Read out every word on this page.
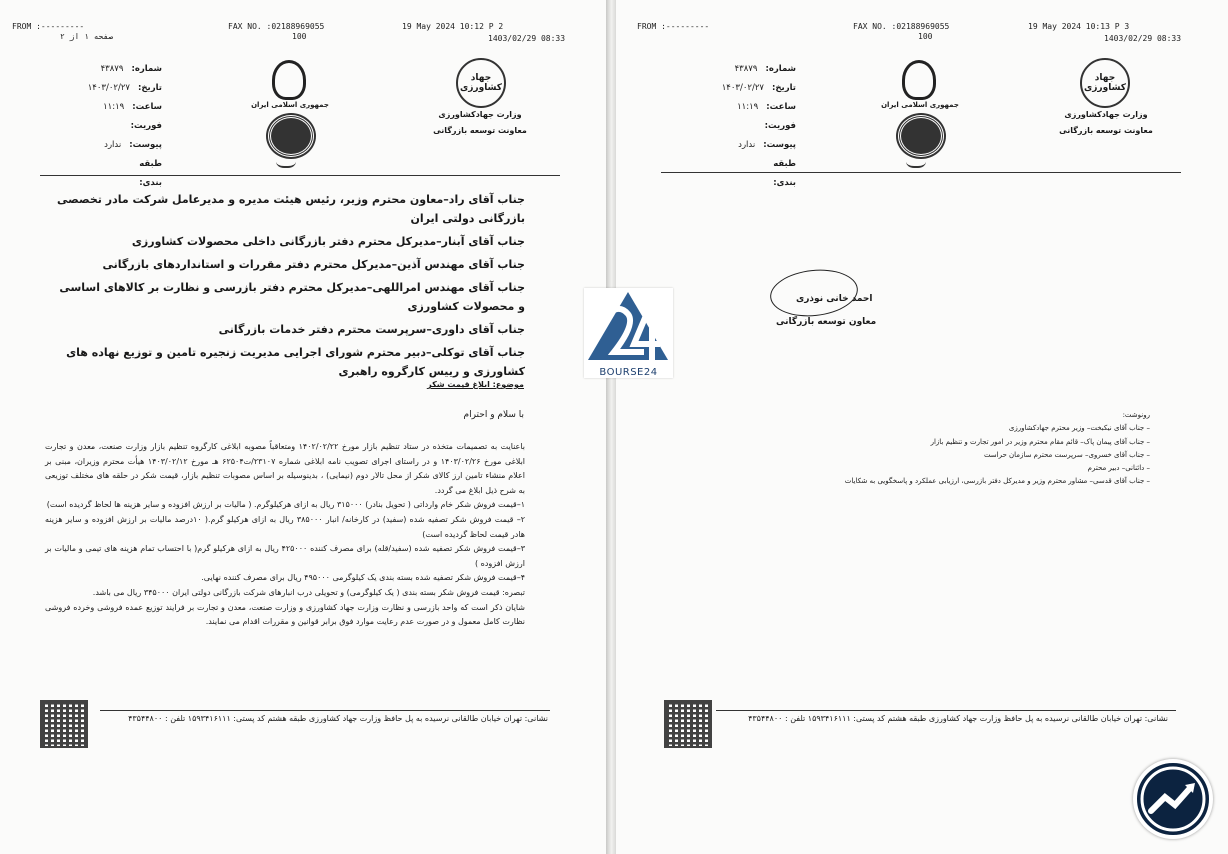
FROM :---------	FAX NO. :02188969055	19 May 2024 10:12 P 2
صفحه ۱ از ۲	100	1403/02/29 08:33
شماره:
۴۳۸۷۹
تاریخ:
۱۴۰۳/۰۲/۲۷
ساعت:
۱۱:۱۹
فوریت:
پیوست:
ندارد
طبقه بندی:
جمهوری اسلامی ایران
جهاد کشاورزی
وزارت جهادکشاورزی
معاونت توسعه بازرگانی

جناب آقای راد–معاون محترم وزیر، رئیس هیئت مدیره و مدیرعامل شرکت مادر تخصصی بازرگانی دولتی ایران

جناب آقای آبنار–مدیرکل محترم دفتر بازرگانی داخلی محصولات کشاورزی

جناب آقای مهندس آذین–مدیرکل محترم دفتر مقررات و استانداردهای بازرگانی

جناب آقای مهندس امراللهی–مدیرکل محترم دفتر بازرسی و نظارت بر کالاهای اساسی و محصولات کشاورزی

جناب آقای داوری–سرپرست محترم دفتر خدمات بازرگانی

جناب آقای توکلی–دبیر محترم شورای اجرایی مدیریت زنجیره تامین و توزیع نهاده های کشاورزی و رییس کارگروه راهبری

موضوع: ابلاغ قیمت شکر
با سلام و احترام

باعنایت به تصمیمات متخذه در ستاد تنظیم بازار مورخ ۱۴۰۲/۰۲/۲۲ ومتعاقباً مصوبه ابلاغی کارگروه تنظیم بازار وزارت صنعت، معدن و تجارت ابلاغی مورخ ۱۴۰۳/۰۲/۲۶ و در راستای اجرای تصویب نامه ابلاغی شماره ۲۳۱۰۷/ت۶۲۵۰۴ هـ مورخ ۱۴۰۳/۰۲/۱۲ هیأت محترم وزیران، مبنی بر اعلام منشاء تامین ارز کالای شکر از محل تالار دوم (نیمایی) ، بدینوسیله بر اساس مصوبات تنظیم بازار، قیمت شکر در حلقه های مختلف توزیعی به شرح ذیل ابلاغ می گردد.

۱–قیمت فروش شکر خام وارداتی ( تحویل بنادر) ۳۱۵۰۰۰ ریال به ازای هرکیلوگرم. ( مالیات بر ارزش افزوده و سایر هزینه ها لحاظ گردیده است)

۲– قیمت فروش شکر تصفیه شده (سفید) در کارخانه/ انبار ۳۸۵۰۰۰ ریال به ازای هرکیلو گرم.( ۱۰درصد مالیات بر ارزش افزوده و سایر هزینه هادر قیمت لحاظ گردیده است)

۳–قیمت فروش شکر تصفیه شده (سفید/قله) برای مصرف کننده ۴۲۵۰۰۰ ریال به ازای هرکیلو گرم( با احتساب تمام هزینه های تیمی و مالیات بر ارزش افزوده )

۴–قیمت فروش شکر تصفیه شده بسته بندی یک کیلوگرمی ۴۹۵۰۰۰ ریال برای مصرف کننده نهایی.

تبصره: قیمت فروش شکر بسته بندی ( یک کیلوگرمی) و تحویلی درب انبارهای شرکت بازرگانی دولتی ایران ۳۴۵۰۰۰ ریال می باشد.

شایان ذکر است که واحد بازرسی و نظارت وزارت جهاد کشاورزی و وزارت صنعت، معدن و تجارت بر فرایند توزیع عمده فروشی وخرده فروشی نظارت کامل معمول و در صورت عدم رعایت موارد فوق برابر قوانین و مقررات اقدام می نمایند.

نشانی: تهران خیابان طالقانی نرسیده به پل حافظ وزارت جهاد کشاورزی طبقه هشتم کد پستی: ۱۵۹۳۴۱۶۱۱۱ تلفن : ۴۳۵۴۴۸۰۰
FROM :---------	FAX NO. :02188969055	19 May 2024 10:13 P 3
100	1403/02/29 08:33
شماره:
۴۳۸۷۹
تاریخ:
۱۴۰۳/۰۲/۲۷
ساعت:
۱۱:۱۹
فوریت:
پیوست:
ندارد
طبقه بندی:
جمهوری اسلامی ایران
جهاد کشاورزی
وزارت جهادکشاورزی
معاونت توسعه بازرگانی
احمد خانی نوذری
معاون توسعه بازرگانی
نشانی: تهران خیابان طالقانی نرسیده به پل حافظ وزارت جهاد کشاورزی طبقه هشتم کد پستی: ۱۵۹۳۴۱۶۱۱۱ تلفن : ۴۳۵۴۴۸۰۰
رونوشت:
– جناب آقای نیکبخت– وزیر محترم جهادکشاورزی
– جناب آقای پیمان پاک– قائم مقام محترم وزیر در امور تجارت و تنظیم بازار
– جناب آقای خسروی– سرپرست محترم سازمان حراست
– دائنانی– دبیر محترم
– جناب آقای قدسی– مشاور محترم وزیر و مدیرکل دفتر بازرسی، ارزیابی عملکرد و پاسخگویی به شکایات
BOURSE24
